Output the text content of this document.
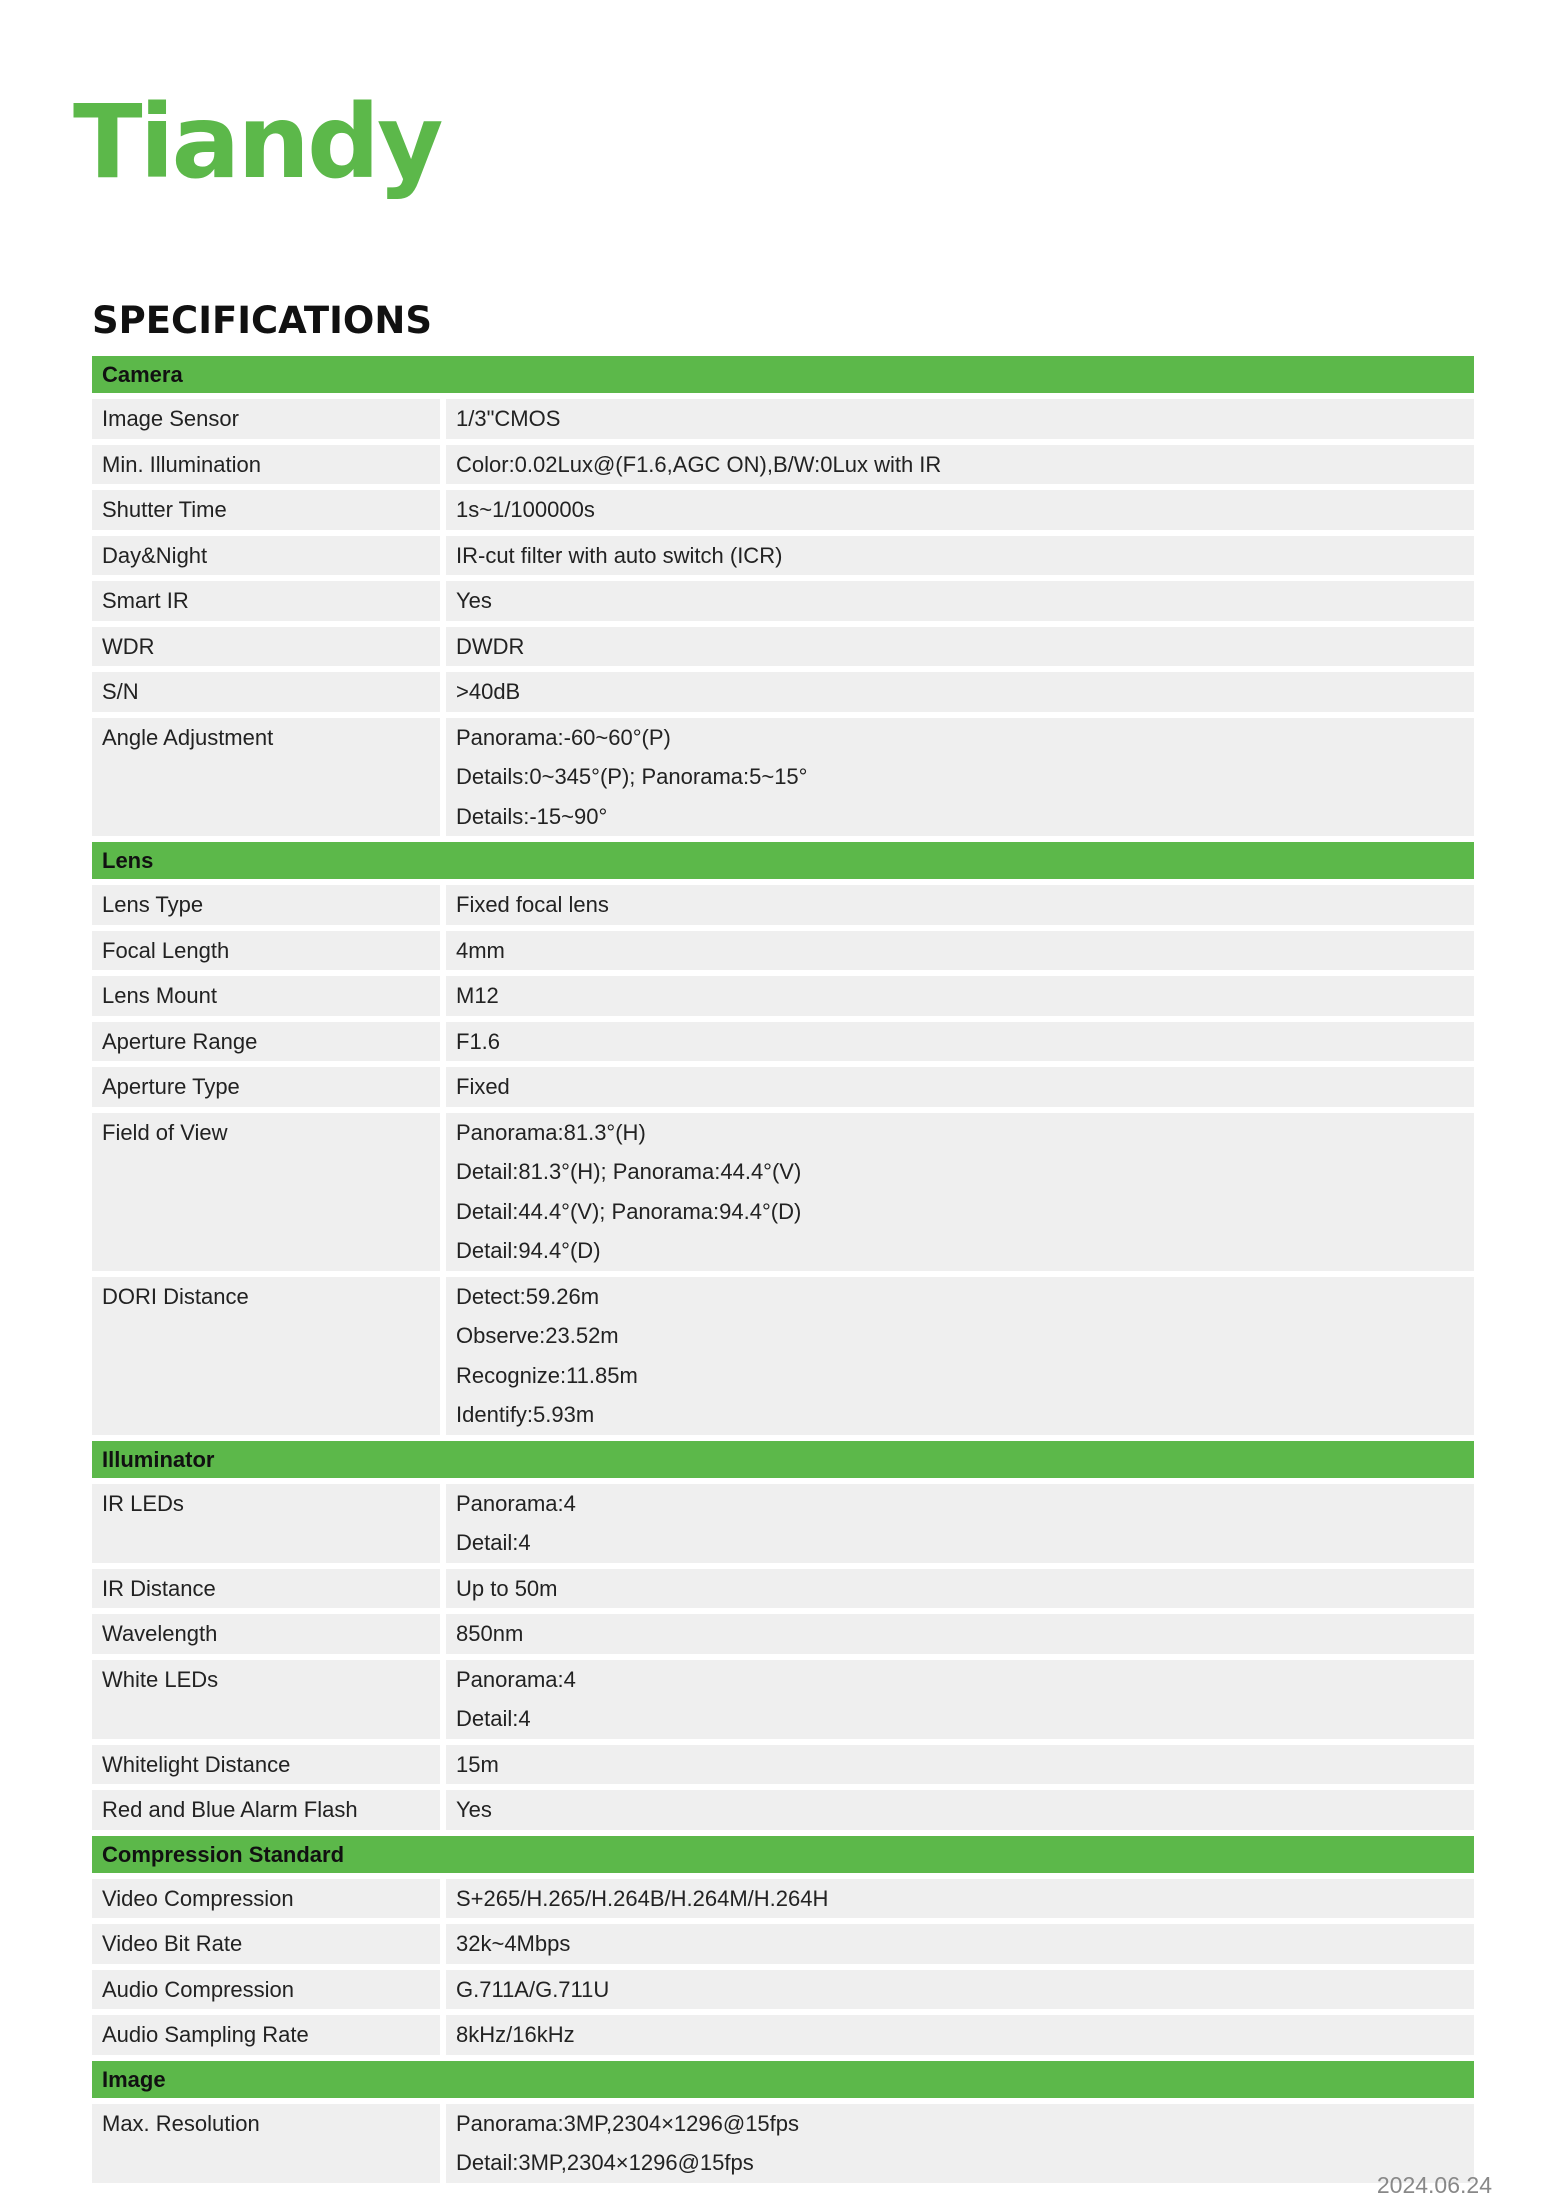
Tiandy
SPECIFICATIONS
Camera
Image Sensor	1/3"CMOS
Min. Illumination	Color:0.02Lux@(F1.6,AGC ON),B/W:0Lux with IR
Shutter Time	1s~1/100000s
Day&Night	IR-cut filter with auto switch (ICR)
Smart IR	Yes
WDR	DWDR
S/N	>40dB
Angle Adjustment	Panorama:-60~60°(P)
Details:0~345°(P); Panorama:5~15°
Details:-15~90°
Lens
Lens Type	Fixed focal lens
Focal Length	4mm
Lens Mount	M12
Aperture Range	F1.6
Aperture Type	Fixed
Field of View	Panorama:81.3°(H)
Detail:81.3°(H); Panorama:44.4°(V)
Detail:44.4°(V); Panorama:94.4°(D)
Detail:94.4°(D)
DORI Distance	Detect:59.26m
Observe:23.52m
Recognize:11.85m
Identify:5.93m
Illuminator
IR LEDs	Panorama:4
Detail:4
IR Distance	Up to 50m
Wavelength	850nm
White LEDs	Panorama:4
Detail:4
Whitelight Distance	15m
Red and Blue Alarm Flash	Yes
Compression Standard
Video Compression	S+265/H.265/H.264B/H.264M/H.264H
Video Bit Rate	32k~4Mbps
Audio Compression	G.711A/G.711U
Audio Sampling Rate	8kHz/16kHz
Image
Max. Resolution	Panorama:3MP,2304×1296@15fps
Detail:3MP,2304×1296@15fps
2024.06.24
